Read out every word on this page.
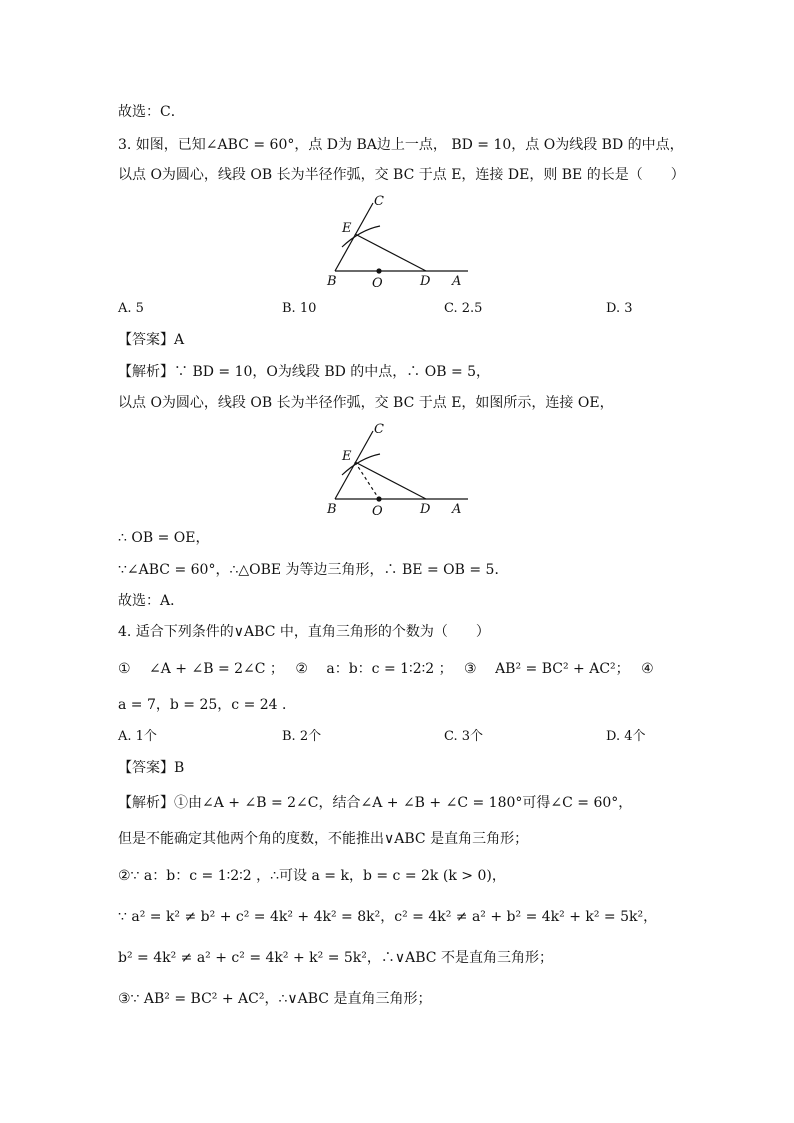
故选：C．
3. 如图，已知∠ABC = 60°，点 D为 BA边上一点， BD = 10，点 O为线段 BD 的中点，
以点 O为圆心，线段 OB 长为半径作弧，交 BC 于点 E，连接 DE，则 BE 的长是（　　）
C
E
B	O	D A
A. 5	B. 10	C. 2.5	D. 3
【答案】A
【解析】∵ BD = 10，O为线段 BD 的中点，∴ OB = 5，
以点 O为圆心，线段 OB 长为半径作弧，交 BC 于点 E，如图所示，连接 OE，
C
E
B	O	D A
∴ OB = OE，
∵∠ABC = 60°，∴△OBE 为等边三角形，∴ BE = OB = 5．
故选：A．
4. 适合下列条件的∨ABC 中，直角三角形的个数为（　　）
①　 ∠A + ∠B = 2∠C ；　 ②　 a：b：c = 1∶2∶2 ；　 ③　 AB² = BC² + AC²；　 ④
a = 7，b = 25，c = 24 ．
A. 1个	B. 2个	C. 3个	D. 4个
【答案】B
【解析】①由∠A + ∠B = 2∠C，结合∠A + ∠B + ∠C = 180°可得∠C = 60°，
但是不能确定其他两个角的度数，不能推出∨ABC 是直角三角形；
②∵ a：b：c = 1∶2∶2 ，∴可设 a = k，b = c = 2k (k > 0)，
∵ a² = k² ≠ b² + c² = 4k² + 4k² = 8k²，c² = 4k² ≠ a² + b² = 4k² + k² = 5k²，
b² = 4k² ≠ a² + c² = 4k² + k² = 5k²，∴∨ABC 不是直角三角形；
③∵ AB² = BC² + AC²，∴∨ABC 是直角三角形；
